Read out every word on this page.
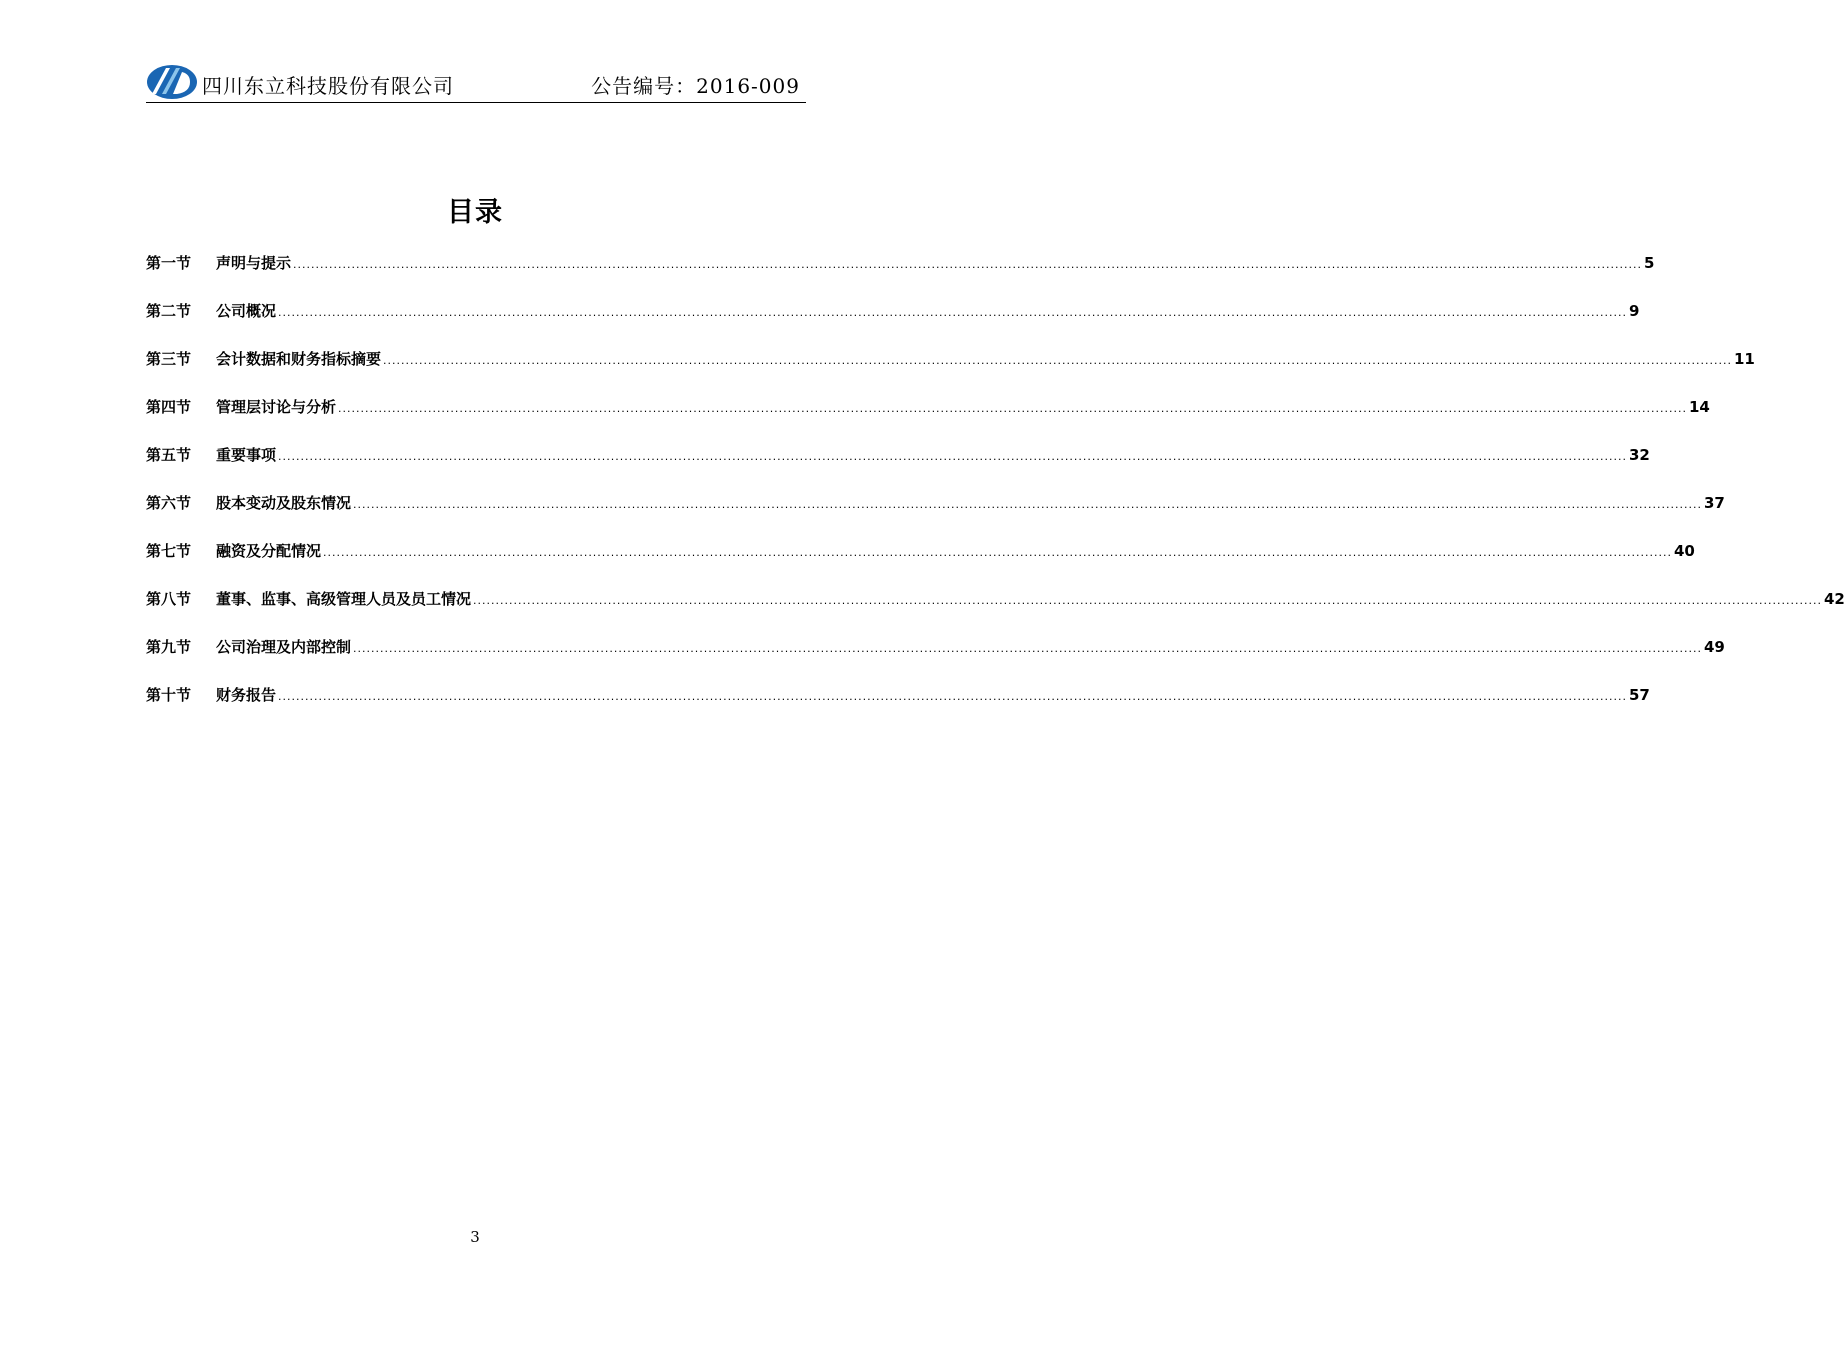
四川东立科技股份有限公司	公告编号：2016-009
目录
第一节	声明与提示 ............................................................................................................................................................................................................................................................................................................ 5
第二节	公司概况 ............................................................................................................................................................................................................................................................................................................ 9
第三节	会计数据和财务指标摘要 ............................................................................................................................................................................................................................................................................................................ 11
第四节	管理层讨论与分析 ............................................................................................................................................................................................................................................................................................................ 14
第五节	重要事项 ............................................................................................................................................................................................................................................................................................................ 32
第六节	股本变动及股东情况 ............................................................................................................................................................................................................................................................................................................ 37
第七节	融资及分配情况 ............................................................................................................................................................................................................................................................................................................ 40
第八节	董事、监事、高级管理人员及员工情况 ............................................................................................................................................................................................................................................................................................................ 42
第九节	公司治理及内部控制 ............................................................................................................................................................................................................................................................................................................ 49
第十节	财务报告 ............................................................................................................................................................................................................................................................................................................ 57
3
